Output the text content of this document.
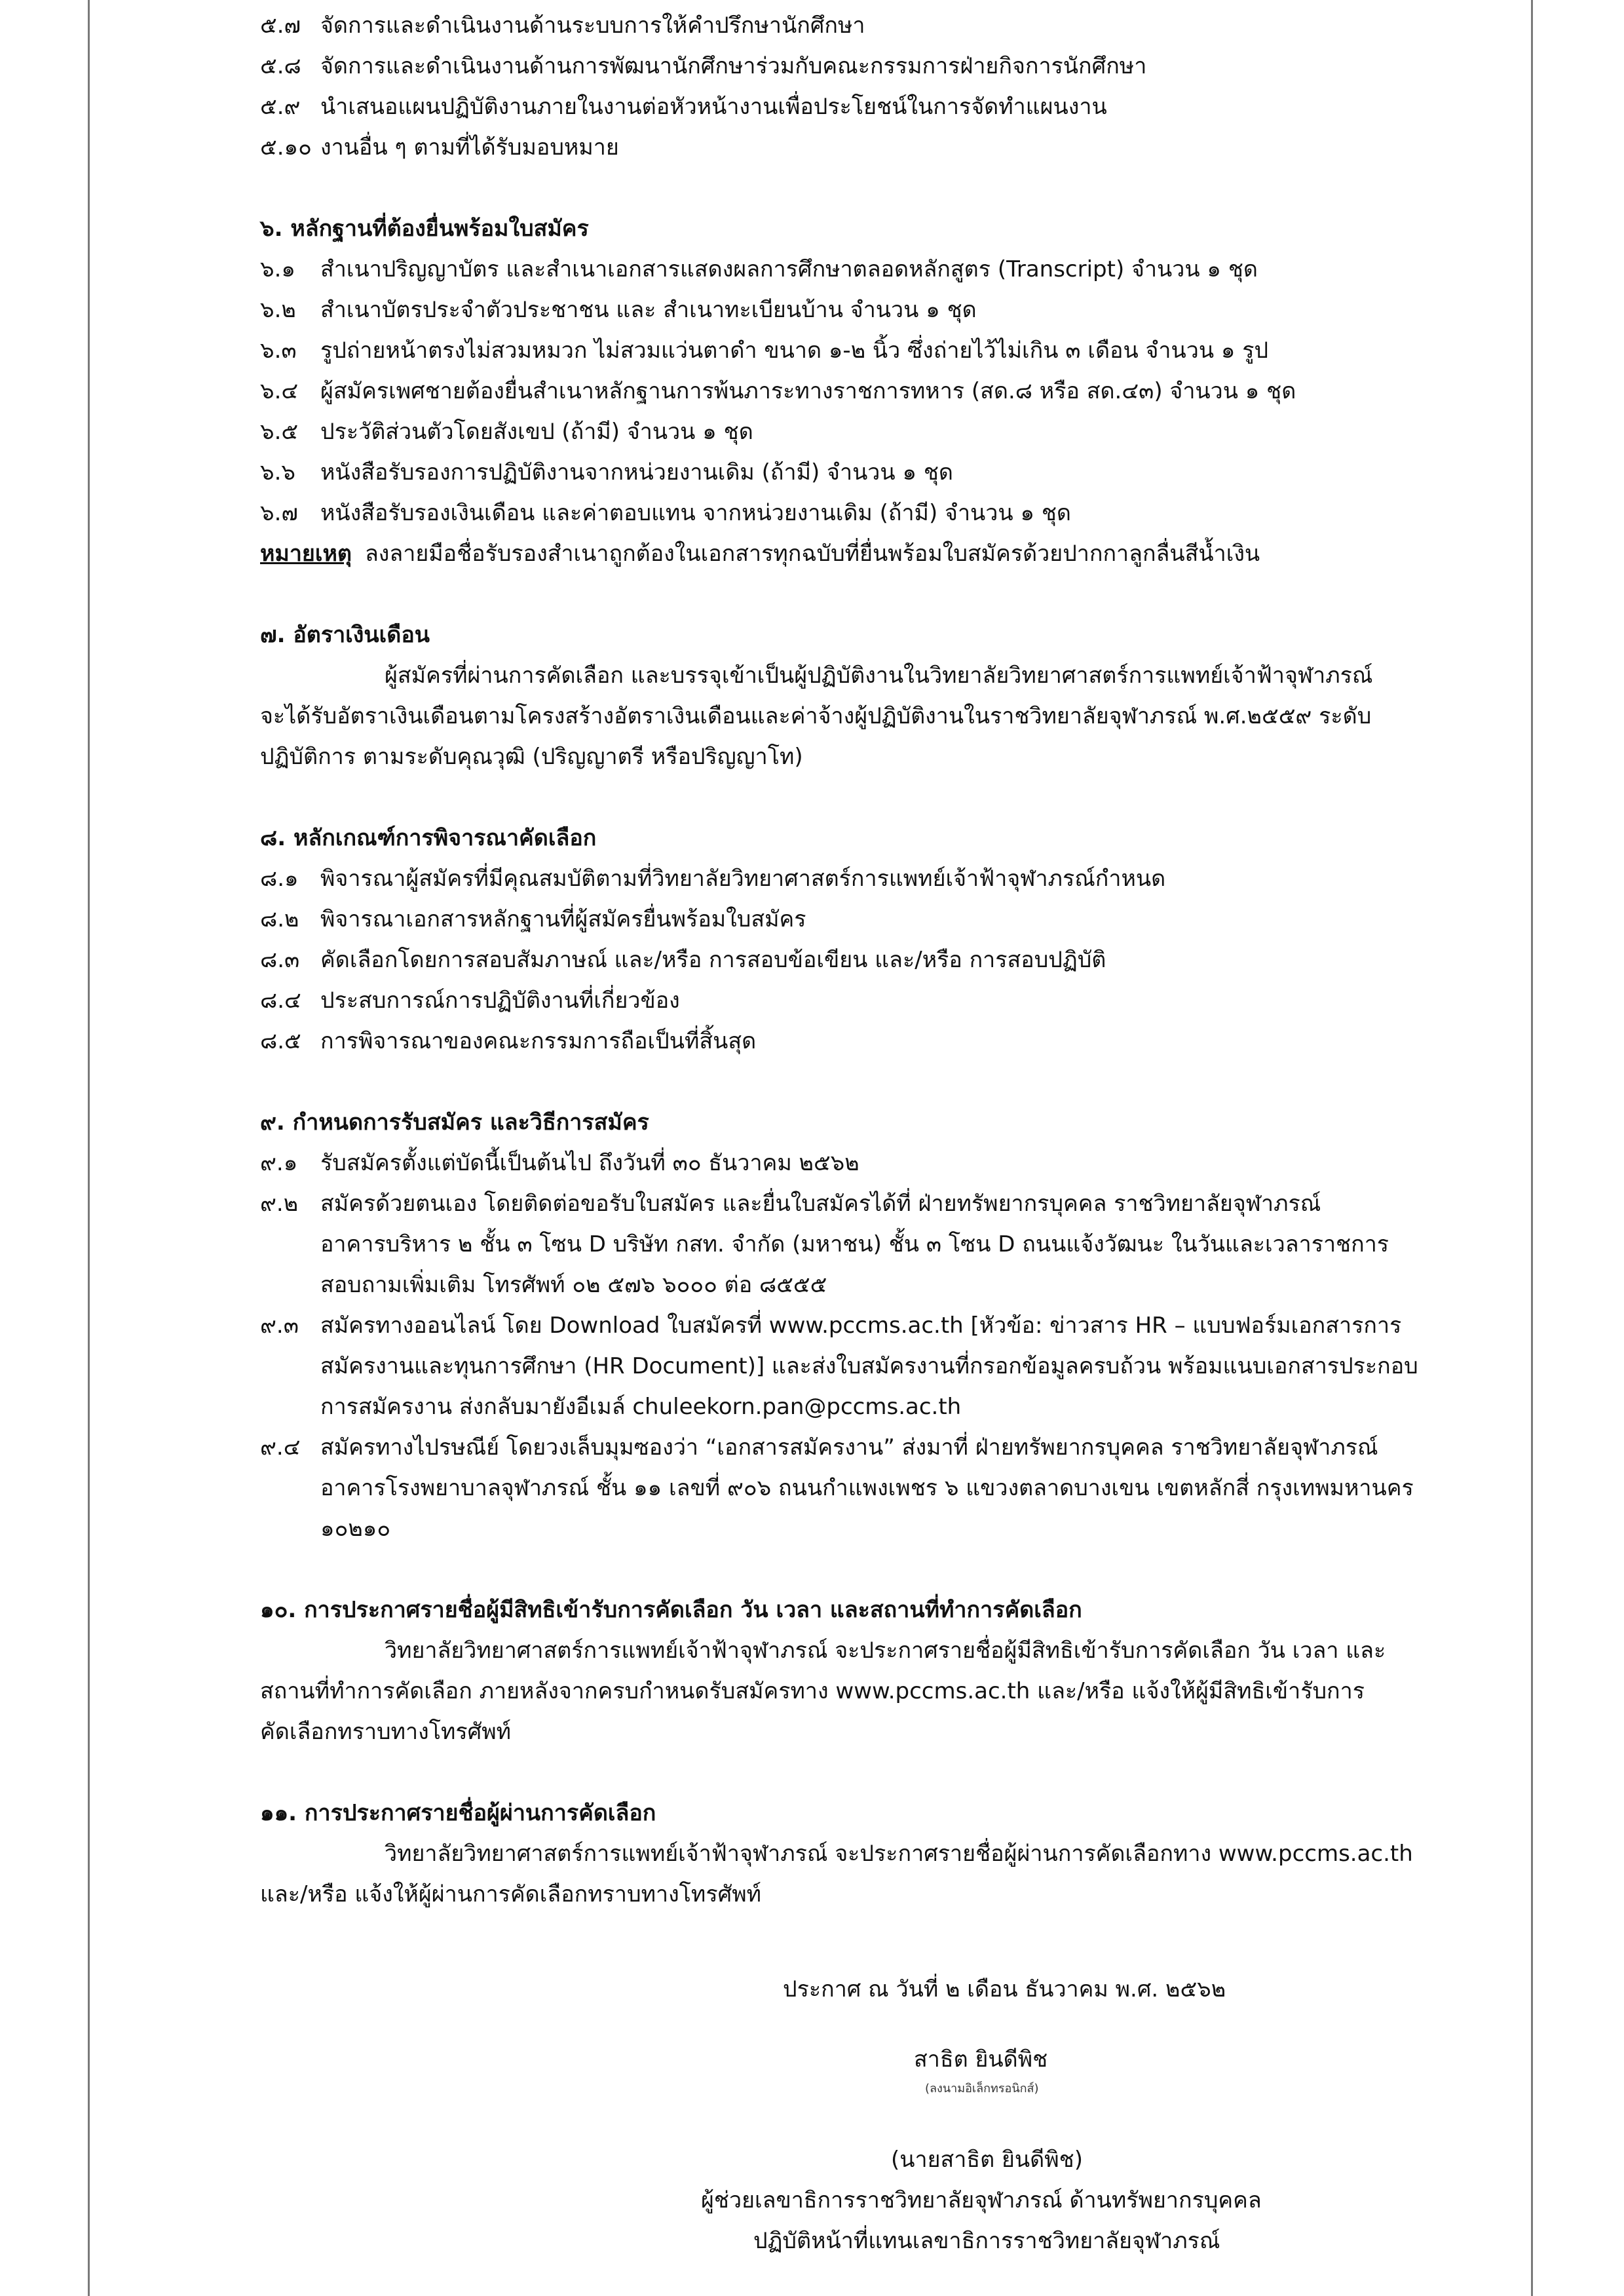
๕.๗ จัดการและดำเนินงานด้านระบบการให้คำปรึกษานักศึกษา
๕.๘ จัดการและดำเนินงานด้านการพัฒนานักศึกษาร่วมกับคณะกรรมการฝ่ายกิจการนักศึกษา
๕.๙ นำเสนอแผนปฏิบัติงานภายในงานต่อหัวหน้างานเพื่อประโยชน์ในการจัดทำแผนงาน
๕.๑๐ งานอื่น ๆ ตามที่ได้รับมอบหมาย
๖. หลักฐานที่ต้องยื่นพร้อมใบสมัคร
๖.๑	สำเนาปริญญาบัตร และสำเนาเอกสารแสดงผลการศึกษาตลอดหลักสูตร (Transcript) จำนวน ๑ ชุด
๖.๒	สำเนาบัตรประจำตัวประชาชน และ สำเนาทะเบียนบ้าน จำนวน ๑ ชุด
๖.๓	รูปถ่ายหน้าตรงไม่สวมหมวก ไม่สวมแว่นตาดำ ขนาด ๑-๒ นิ้ว ซึ่งถ่ายไว้ไม่เกิน ๓ เดือน จำนวน ๑ รูป
๖.๔ ผู้สมัครเพศชายต้องยื่นสำเนาหลักฐานการพ้นภาระทางราชการทหาร (สด.๘ หรือ สด.๔๓) จำนวน ๑ ชุด
๖.๕ ประวัติส่วนตัวโดยสังเขป (ถ้ามี) จำนวน ๑ ชุด
๖.๖	หนังสือรับรองการปฏิบัติงานจากหน่วยงานเดิม (ถ้ามี) จำนวน ๑ ชุด
๖.๗	หนังสือรับรองเงินเดือน และค่าตอบแทน จากหน่วยงานเดิม (ถ้ามี) จำนวน ๑ ชุด
หมายเหตุ ลงลายมือชื่อรับรองสำเนาถูกต้องในเอกสารทุกฉบับที่ยื่นพร้อมใบสมัครด้วยปากกาลูกลื่นสีน้ำเงิน
๗. อัตราเงินเดือน
ผู้สมัครที่ผ่านการคัดเลือก และบรรจุเข้าเป็นผู้ปฏิบัติงานในวิทยาลัยวิทยาศาสตร์การแพทย์เจ้าฟ้าจุฬาภรณ์
จะได้รับอัตราเงินเดือนตามโครงสร้างอัตราเงินเดือนและค่าจ้างผู้ปฏิบัติงานในราชวิทยาลัยจุฬาภรณ์ พ.ศ.๒๕๕๙ ระดับ
ปฏิบัติการ ตามระดับคุณวุฒิ (ปริญญาตรี หรือปริญญาโท)
๘. หลักเกณฑ์การพิจารณาคัดเลือก
๘.๑ พิจารณาผู้สมัครที่มีคุณสมบัติตามที่วิทยาลัยวิทยาศาสตร์การแพทย์เจ้าฟ้าจุฬาภรณ์กำหนด
๘.๒ พิจารณาเอกสารหลักฐานที่ผู้สมัครยื่นพร้อมใบสมัคร
๘.๓ คัดเลือกโดยการสอบสัมภาษณ์ และ/หรือ การสอบข้อเขียน และ/หรือ การสอบปฏิบัติ
๘.๔ ประสบการณ์การปฏิบัติงานที่เกี่ยวข้อง
๘.๕ การพิจารณาของคณะกรรมการถือเป็นที่สิ้นสุด
๙. กำหนดการรับสมัคร และวิธีการสมัคร
๙.๑	รับสมัครตั้งแต่บัดนี้เป็นต้นไป ถึงวันที่ ๓๐ ธันวาคม ๒๕๖๒
๙.๒ สมัครด้วยตนเอง โดยติดต่อขอรับใบสมัคร และยื่นใบสมัครได้ที่ ฝ่ายทรัพยากรบุคคล ราชวิทยาลัยจุฬาภรณ์
อาคารบริหาร ๒ ชั้น ๓ โซน D บริษัท กสท. จำกัด (มหาชน) ชั้น ๓ โซน D ถนนแจ้งวัฒนะ ในวันและเวลาราชการ
สอบถามเพิ่มเติม โทรศัพท์ ๐๒ ๕๗๖ ๖๐๐๐ ต่อ ๘๕๕๕
๙.๓ สมัครทางออนไลน์ โดย Download ใบสมัครที่ www.pccms.ac.th [หัวข้อ: ข่าวสาร HR – แบบฟอร์มเอกสารการ
สมัครงานและทุนการศึกษา (HR Document)] และส่งใบสมัครงานที่กรอกข้อมูลครบถ้วน พร้อมแนบเอกสารประกอบ
การสมัครงาน ส่งกลับมายังอีเมล์ chuleekorn.pan@pccms.ac.th
๙.๔ สมัครทางไปรษณีย์ โดยวงเล็บมุมซองว่า “เอกสารสมัครงาน” ส่งมาที่ ฝ่ายทรัพยากรบุคคล ราชวิทยาลัยจุฬาภรณ์
อาคารโรงพยาบาลจุฬาภรณ์ ชั้น ๑๑ เลขที่ ๙๐๖ ถนนกำแพงเพชร ๖ แขวงตลาดบางเขน เขตหลักสี่ กรุงเทพมหานคร
๑๐๒๑๐
๑๐. การประกาศรายชื่อผู้มีสิทธิเข้ารับการคัดเลือก วัน เวลา และสถานที่ทำการคัดเลือก
วิทยาลัยวิทยาศาสตร์การแพทย์เจ้าฟ้าจุฬาภรณ์ จะประกาศรายชื่อผู้มีสิทธิเข้ารับการคัดเลือก วัน เวลา และ
สถานที่ทำการคัดเลือก ภายหลังจากครบกำหนดรับสมัครทาง www.pccms.ac.th และ/หรือ แจ้งให้ผู้มีสิทธิเข้ารับการ
คัดเลือกทราบทางโทรศัพท์
๑๑. การประกาศรายชื่อผู้ผ่านการคัดเลือก
วิทยาลัยวิทยาศาสตร์การแพทย์เจ้าฟ้าจุฬาภรณ์ จะประกาศรายชื่อผู้ผ่านการคัดเลือกทาง www.pccms.ac.th
และ/หรือ แจ้งให้ผู้ผ่านการคัดเลือกทราบทางโทรศัพท์
ประกาศ ณ วันที่ ๒ เดือน ธันวาคม พ.ศ. ๒๕๖๒
สาธิต ยินดีพิช
(ลงนามอิเล็กทรอนิกส์)
(นายสาธิต ยินดีพิช)
ผู้ช่วยเลขาธิการราชวิทยาลัยจุฬาภรณ์ ด้านทรัพยากรบุคคล
ปฏิบัติหน้าที่แทนเลขาธิการราชวิทยาลัยจุฬาภรณ์
